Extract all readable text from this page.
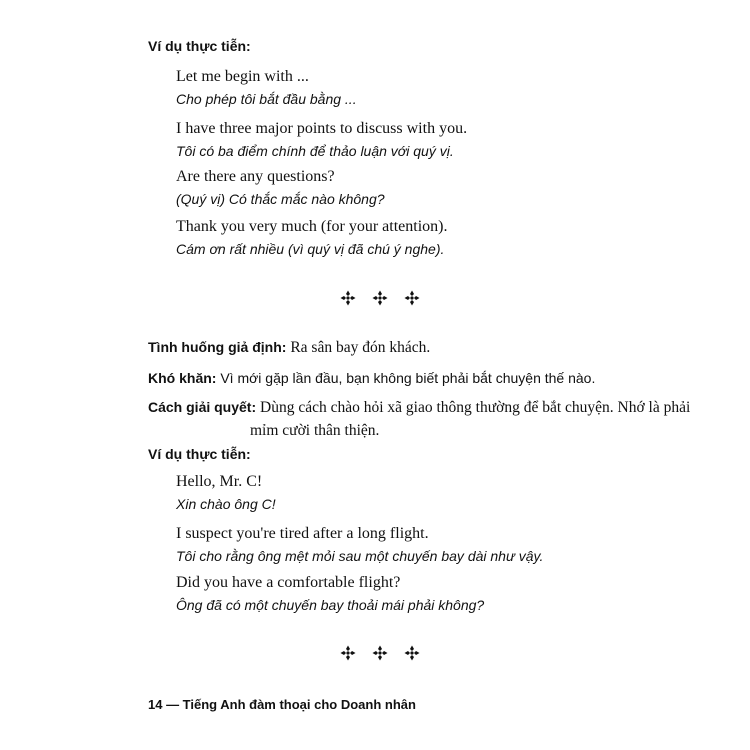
Ví dụ thực tiễn:
Let me begin with ...
Cho phép tôi bắt đầu bằng ...
I have three major points to discuss with you.
Tôi có ba điểm chính để thảo luận với quý vị.
Are there any questions?
(Quý vị) Có thắc mắc nào không?
Thank you very much (for your attention).
Cám ơn rất nhiều (vì quý vị đã chú ý nghe).
Tình huống giả định: Ra sân bay đón khách.
Khó khăn: Vì mới gặp lần đầu, bạn không biết phải bắt chuyện thế nào.
Cách giải quyết: Dùng cách chào hỏi xã giao thông thường để bắt chuyện. Nhớ là phải mỉm cười thân thiện.
Ví dụ thực tiễn:
Hello, Mr. C!
Xin chào ông C!
I suspect you're tired after a long flight.
Tôi cho rằng ông mệt mỏi sau một chuyến bay dài như vậy.
Did you have a comfortable flight?
Ông đã có một chuyến bay thoải mái phải không?
14 — Tiếng Anh đàm thoại cho Doanh nhân
